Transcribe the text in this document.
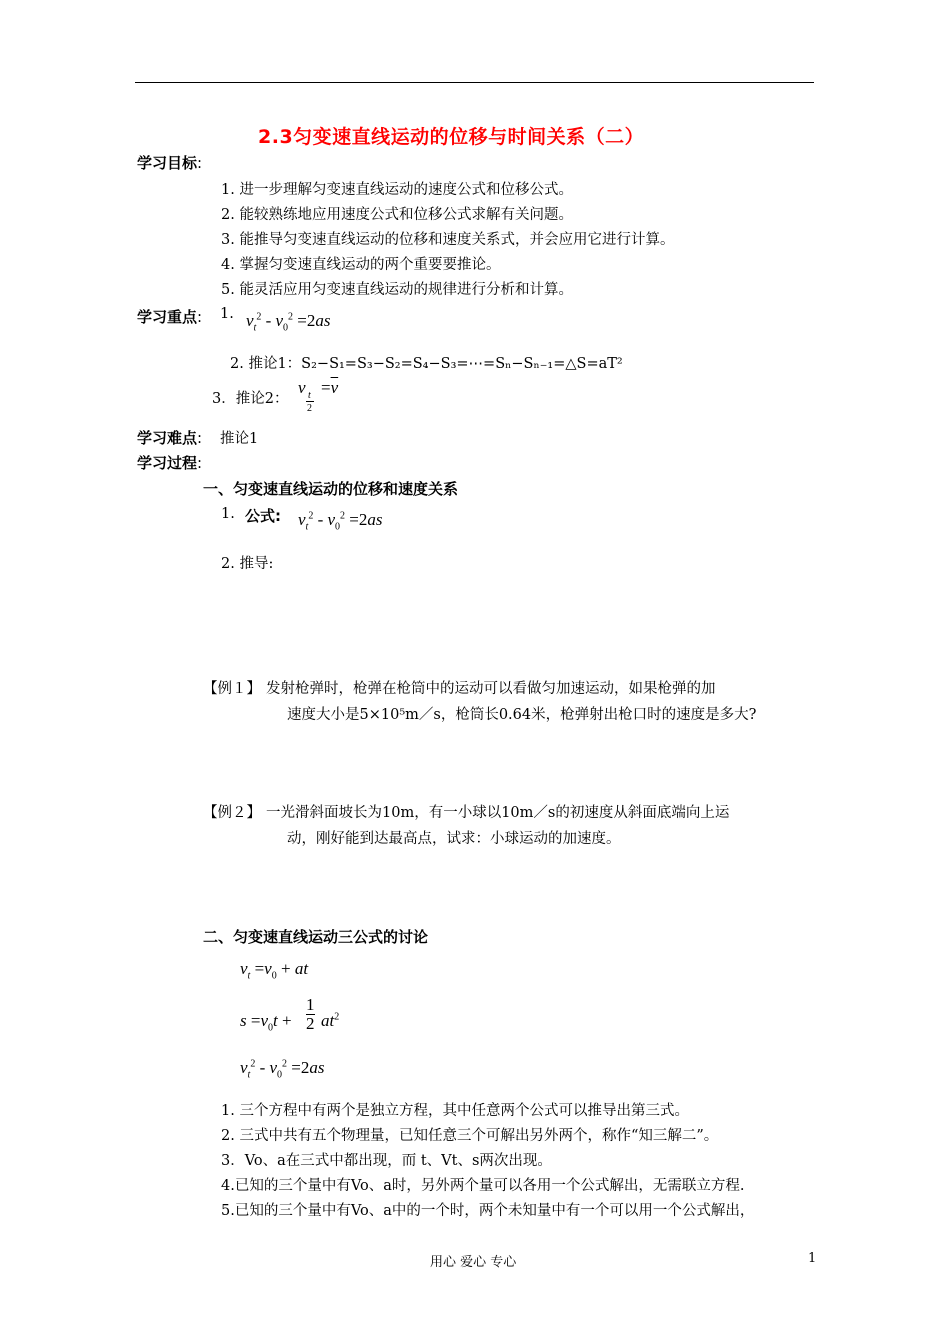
2.3匀变速直线运动的位移与时间关系（二）
学习目标:
1. 进一步理解匀变速直线运动的速度公式和位移公式。
2. 能较熟练地应用速度公式和位移公式求解有关问题。
3. 能推导匀变速直线运动的位移和速度关系式，并会应用它进行计算。
4. 掌握匀变速直线运动的两个重要要推论。
5. 能灵活应用匀变速直线运动的规律进行分析和计算。
学习重点: 1. $v_t^2 - v_0^2 =2as$
2. 推论1：S₂−S₁=S₃−S₂=S₄−S₃=⋯=Sₙ−Sₙ₋₁=△S=aT²
3．推论2：
v t
2
$=\overline{v}$
学习难点: 推论1
学习过程:
一、匀变速直线运动的位移和速度关系
1. 公式: $v_t^2 - v_0^2 =2as$
2. 推导:
【例１】 发射枪弹时，枪弹在枪筒中的运动可以看做匀加速运动，如果枪弹的加
速度大小是5×10⁵m／s，枪筒长0.64米，枪弹射出枪口时的速度是多大?
【例２】 一光滑斜面坡长为10m，有一小球以10m／s的初速度从斜面底端向上运
动，刚好能到达最高点，试求：小球运动的加速度。
二、匀变速直线运动三公式的讨论
$v_t =v_0$ + at
$s =v_0t + \frac{1}{2} at^2$
$v_t^2 - v_0^2 =2as$
1. 三个方程中有两个是独立方程，其中任意两个公式可以推导出第三式。
2. 三式中共有五个物理量，已知任意三个可解出另外两个，称作“知三解二”。
3．Vo、a在三式中都出现，而 t、Vt、s两次出现。
4.已知的三个量中有Vo、a时，另外两个量可以各用一个公式解出，无需联立方程.
5.已知的三个量中有Vo、a中的一个时，两个未知量中有一个可以用一个公式解出，
用心 爱心 专心	1
